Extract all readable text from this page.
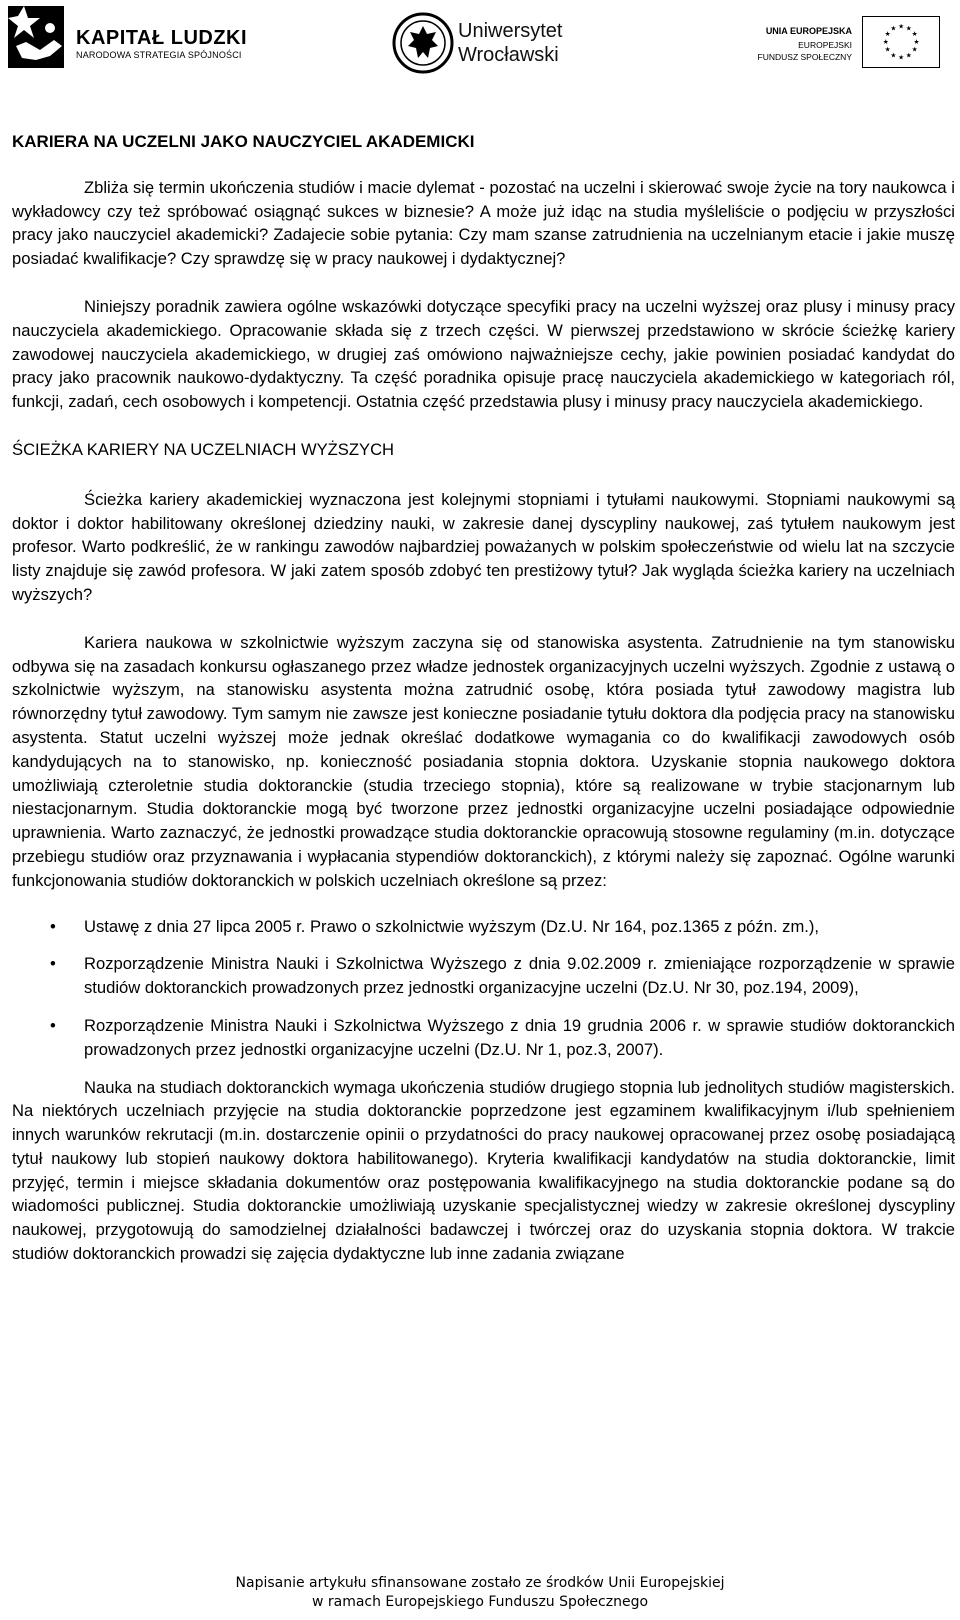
KAPITAŁ LUDZKI
NARODOWA STRATEGIA SPÓJNOŚCI
Uniwersytet
Wrocławski
UNIA EUROPEJSKA
EUROPEJSKI
FUNDUSZ SPOŁECZNY
★ ★
★
★
★
★
★
★
★
★
★
★

KARIERA NA UCZELNI JAKO NAUCZYCIEL AKADEMICKI

Zbliża się termin ukończenia studiów i macie dylemat - pozostać na uczelni i skierować swoje życie na tory naukowca i wykładowcy czy też spróbować osiągnąć sukces w biznesie? A może już idąc na studia myśleliście o podjęciu w przyszłości pracy jako nauczyciel akademicki? Zadajecie sobie pytania: Czy mam szanse zatrudnienia na uczelnianym etacie i jakie muszę posiadać kwalifikacje? Czy sprawdzę się w pracy naukowej i dydaktycznej?

Niniejszy poradnik zawiera ogólne wskazówki dotyczące specyfiki pracy na uczelni wyższej oraz plusy i minusy pracy nauczyciela akademickiego. Opracowanie składa się z trzech części. W pierwszej przedstawiono w skrócie ścieżkę kariery zawodowej nauczyciela akademickiego, w drugiej zaś omówiono najważniejsze cechy, jakie powinien posiadać kandydat do pracy jako pracownik naukowo-dydaktyczny. Ta część poradnika opisuje pracę nauczyciela akademickiego w kategoriach ról, funkcji, zadań, cech osobowych i kompetencji. Ostatnia część przedstawia plusy i minusy pracy nauczyciela akademickiego.

ŚCIEŻKA KARIERY NA UCZELNIACH WYŻSZYCH

Ścieżka kariery akademickiej wyznaczona jest kolejnymi stopniami i tytułami naukowymi. Stopniami naukowymi są doktor i doktor habilitowany określonej dziedziny nauki, w zakresie danej dyscypliny naukowej, zaś tytułem naukowym jest profesor. Warto podkreślić, że w rankingu zawodów najbardziej poważanych w polskim społeczeństwie od wielu lat na szczycie listy znajduje się zawód profesora. W jaki zatem sposób zdobyć ten prestiżowy tytuł? Jak wygląda ścieżka kariery na uczelniach wyższych?

Kariera naukowa w szkolnictwie wyższym zaczyna się od stanowiska asystenta. Zatrudnienie na tym stanowisku odbywa się na zasadach konkursu ogłaszanego przez władze jednostek organizacyjnych uczelni wyższych. Zgodnie z ustawą o szkolnictwie wyższym, na stanowisku asystenta można zatrudnić osobę, która posiada tytuł zawodowy magistra lub równorzędny tytuł zawodowy. Tym samym nie zawsze jest konieczne posiadanie tytułu doktora dla podjęcia pracy na stanowisku asystenta. Statut uczelni wyższej może jednak określać dodatkowe wymagania co do kwalifikacji zawodowych osób kandydujących na to stanowisko, np. konieczność posiadania stopnia doktora. Uzyskanie stopnia naukowego doktora umożliwiają czteroletnie studia doktoranckie (studia trzeciego stopnia), które są realizowane w trybie stacjonarnym lub niestacjonarnym. Studia doktoranckie mogą być tworzone przez jednostki organizacyjne uczelni posiadające odpowiednie uprawnienia. Warto zaznaczyć, że jednostki prowadzące studia doktoranckie opracowują stosowne regulaminy (m.in. dotyczące przebiegu studiów oraz przyznawania i wypłacania stypendiów doktoranckich), z którymi należy się zapoznać. Ogólne warunki funkcjonowania studiów doktoranckich w polskich uczelniach określone są przez:

• Ustawę z dnia 27 lipca 2005 r. Prawo o szkolnictwie wyższym (Dz.U. Nr 164, poz.1365 z późn. zm.),
• Rozporządzenie Ministra Nauki i Szkolnictwa Wyższego z dnia 9.02.2009 r. zmieniające rozporządzenie w sprawie studiów doktoranckich prowadzonych przez jednostki organizacyjne uczelni (Dz.U. Nr 30, poz.194, 2009),
• Rozporządzenie Ministra Nauki i Szkolnictwa Wyższego z dnia 19 grudnia 2006 r. w sprawie studiów doktoranckich prowadzonych przez jednostki organizacyjne uczelni (Dz.U. Nr 1, poz.3, 2007).

Nauka na studiach doktoranckich wymaga ukończenia studiów drugiego stopnia lub jednolitych studiów magisterskich. Na niektórych uczelniach przyjęcie na studia doktoranckie poprzedzone jest egzaminem kwalifikacyjnym i/lub spełnieniem innych warunków rekrutacji (m.in. dostarczenie opinii o przydatności do pracy naukowej opracowanej przez osobę posiadającą tytuł naukowy lub stopień naukowy doktora habilitowanego). Kryteria kwalifikacji kandydatów na studia doktoranckie, limit przyjęć, termin i miejsce składania dokumentów oraz postępowania kwalifikacyjnego na studia doktoranckie podane są do wiadomości publicznej. Studia doktoranckie umożliwiają uzyskanie specjalistycznej wiedzy w zakresie określonej dyscypliny naukowej, przygotowują do samodzielnej działalności badawczej i twórczej oraz do uzyskania stopnia doktora. W trakcie studiów doktoranckich prowadzi się zajęcia dydaktyczne lub inne zadania związane

Napisanie artykułu sfinansowane zostało ze środków Unii Europejskiej
w ramach Europejskiego Funduszu Społecznego
